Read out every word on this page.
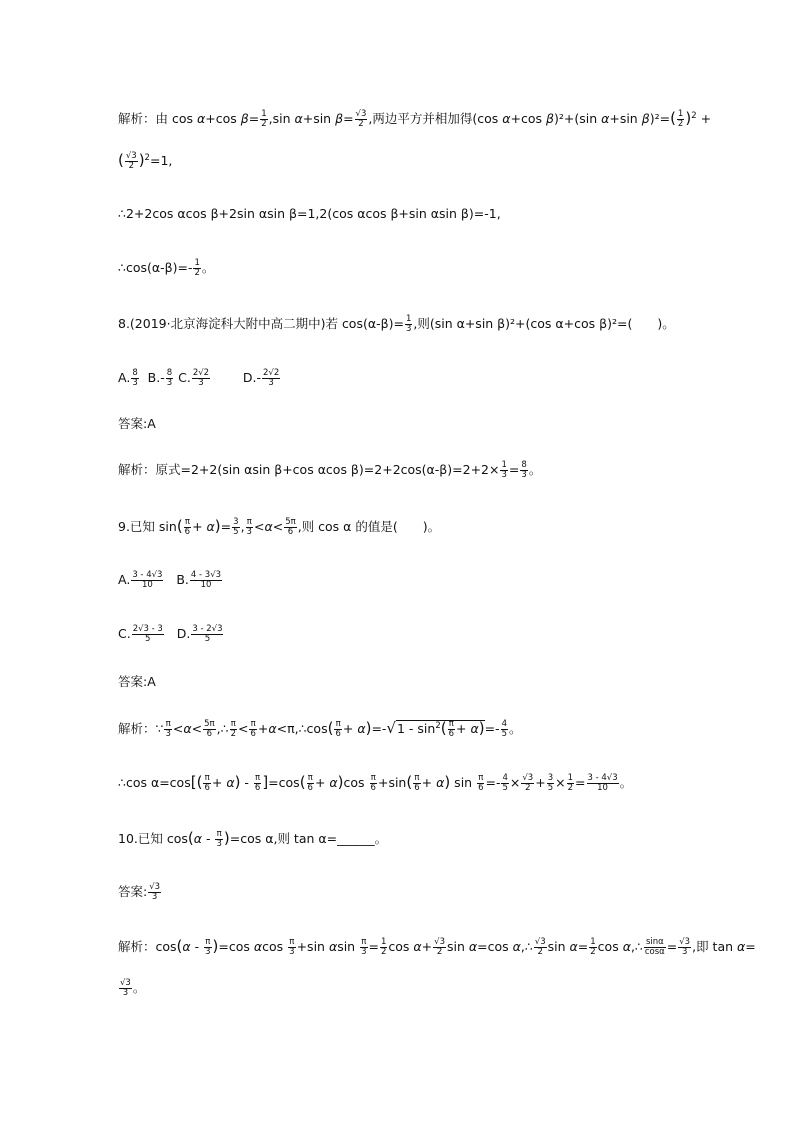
解析：由 cos α+cos $\beta= \frac{1}{2} ,\sin$ α+sin $\beta= \frac{√3}{2}$ ,两边平方并相加得(cos α+cos β)²+(sin α+sin $\beta)^2=( \frac{1}{2} )^2$ +
( $\frac{√3}{2} )^2=1$,
∴2+2cos αcos β+2sin αsin β=1,2(cos αcos β+sin αsin β)=-1,
∴cos(α-β)=- $\frac{1}{2}$ 。
8.(2019·北京海淀科大附中高二期中)若 $\cos(\alpha-\beta)= \frac{1}{3}$ ,则(sin α+sin β)²+(cos α+cos β)²=(　　)。
A. $\frac{8}{3} B.- \frac{8}{3} C$. $\frac{2√2}{3} D.- \frac{2√2}{3}$
答案:A
解析：原式=2+2(sin αsin β+cos αcos $\beta)=2+2\cos(\alpha-\beta)=2+2\times \frac{1}{3} = \frac{8}{3}$ 。
9.已知 $\sin( \frac{\pi}{6} + \alpha)= \frac{3}{5}$ , $\frac{\pi}{3} <\alpha< \frac{5\pi}{6}$ ,则 cos α 的值是(　　)。
A. $\frac{3 - 4√3}{10} B$. $\frac{4 - 3√3}{10}$
C. $\frac{2√3 - 3}{5} D$. $\frac{3 - 2√3}{5}$
答案:A
解析：∵ $\frac{\pi}{3} <\alpha< \frac{5\pi}{6}$ ,∴ $\frac{\pi}{2} < \frac{\pi}{6}$ +α<π,∴cos( $\frac{\pi}{6} + \alpha)=-√1 - \sin^2( \frac{\pi}{6} + \alpha)=- \frac{4}{5}$ 。
∴cos $\alpha=\cos[( \frac{\pi}{6} + \alpha) - \frac{\pi}{6} ]=\cos( \frac{\pi}{6} + \alpha)\cos \frac{\pi}{6} +\sin( \frac{\pi}{6} + \alpha)$ $\sin \frac{\pi}{6} =- \frac{4}{5} \times \frac{√3}{2} + \frac{3}{5} \times \frac{1}{2} = \frac{3 - 4√3}{10}$ 。
10.已知 $\cos(\alpha - \frac{\pi}{3} )=\cos$ α,则 tan α=______。
答案: $\frac{√3}{3}$
解析：$\cos(\alpha - \frac{\pi}{3} )=\cos$ αcos $\frac{\pi}{3} +\sin$ αsin $\frac{\pi}{3} = \frac{1}{2}$ $\cos \alpha+ \frac{√3}{2}$ sin α=cos α,∴ $\frac{√3}{2}$ $\sin \alpha= \frac{1}{2}$ cos α,∴ $\frac{\sin\alpha}{\cos\alpha} = \frac{√3}{3}$ ,即 tan α=
$\frac{√3}{3}$ 。
